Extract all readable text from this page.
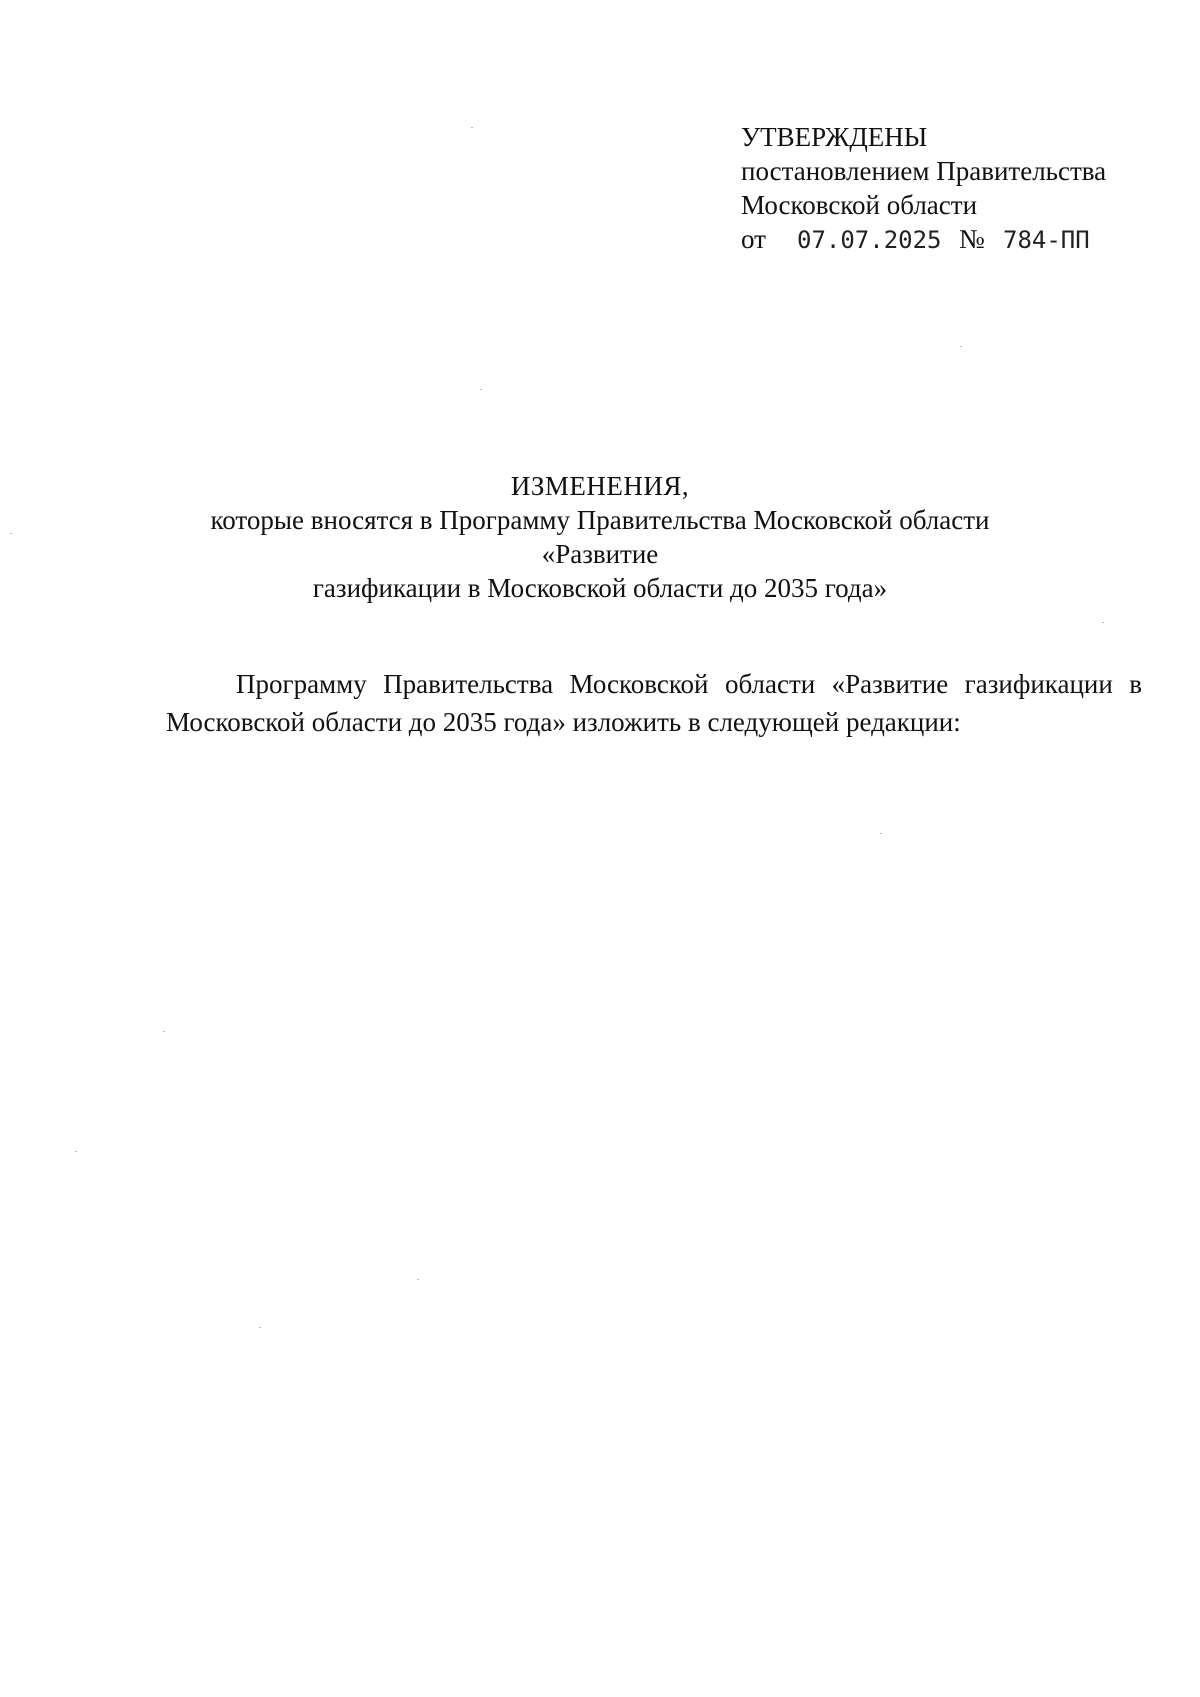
УТВЕРЖДЕНЫ
постановлением Правительства
Московской области
от	07.07.2025 № 784-ПП
ИЗМЕНЕНИЯ,
которые вносятся в Программу Правительства Московской области «Развитие
газификации в Московской области до 2035 года»
Программу Правительства Московской области «Развитие газификации в Московской области до 2035 года» изложить в следующей редакции:
